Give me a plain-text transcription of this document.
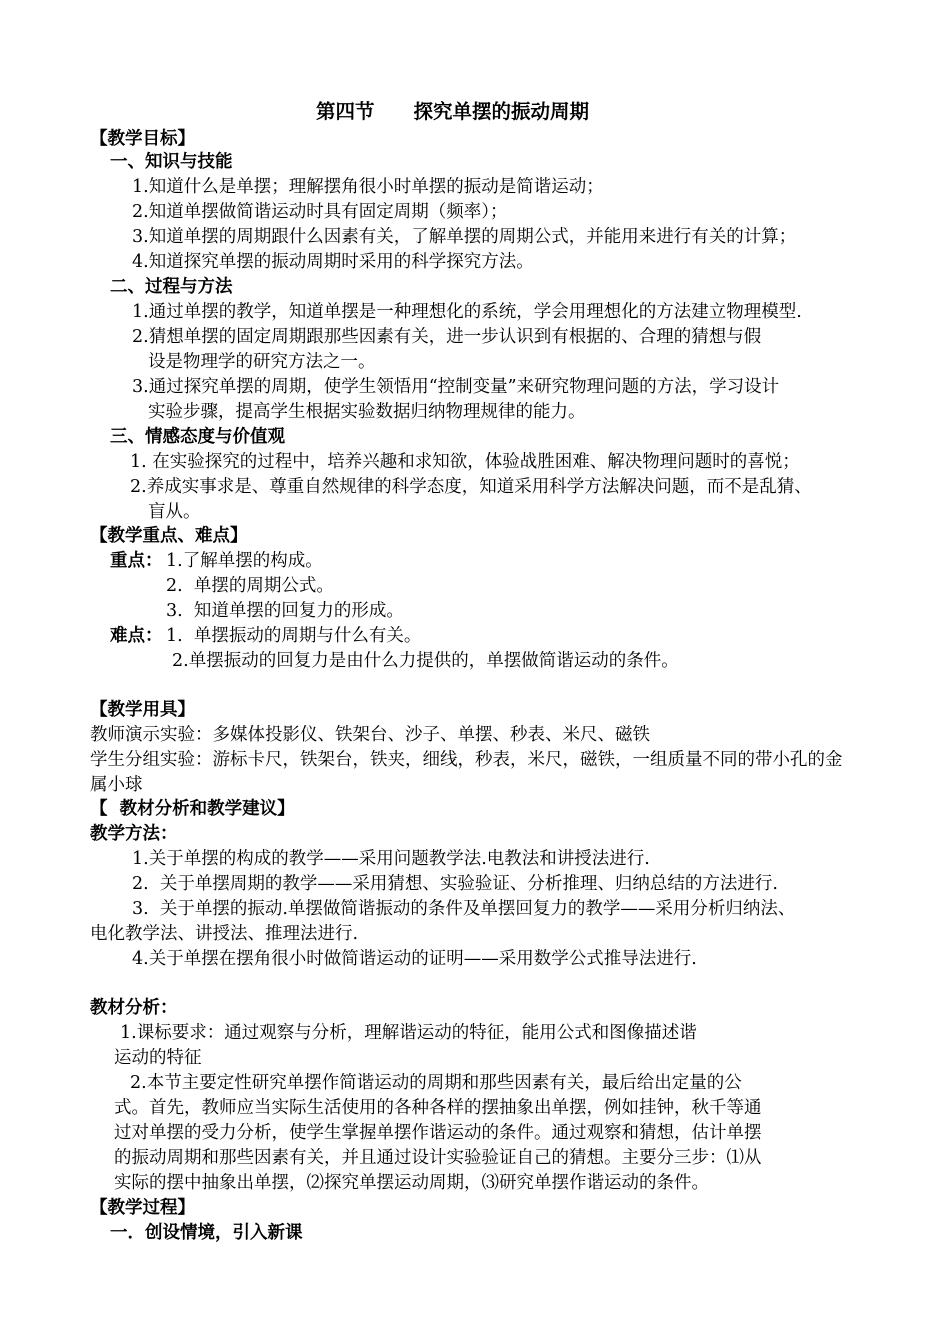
第四节　　探究单摆的振动周期
【教学目标】
一、知识与技能
1.知道什么是单摆；理解摆角很小时单摆的振动是简谐运动；
2.知道单摆做简谐运动时具有固定周期（频率）；
3.知道单摆的周期跟什么因素有关，了解单摆的周期公式，并能用来进行有关的计算；
4.知道探究单摆的振动周期时采用的科学探究方法。
二、过程与方法
1.通过单摆的教学，知道单摆是一种理想化的系统，学会用理想化的方法建立物理模型.
2.猜想单摆的固定周期跟那些因素有关，进一步认识到有根据的、合理的猜想与假
设是物理学的研究方法之一。
3.通过探究单摆的周期，使学生领悟用“控制变量”来研究物理问题的方法，学习设计
实验步骤，提高学生根据实验数据归纳物理规律的能力。
三、情感态度与价值观
1. 在实验探究的过程中，培养兴趣和求知欲，体验战胜困难、解决物理问题时的喜悦；
2.养成实事求是、尊重自然规律的科学态度，知道采用科学方法解决问题，而不是乱猜、
盲从。
【教学重点、难点】
重点： 1.了解单摆的构成。
2.  单摆的周期公式。
3.  知道单摆的回复力的形成。
难点： 1.  单摆振动的周期与什么有关。
2.单摆振动的回复力是由什么力提供的，单摆做简谐运动的条件。
【教学用具】
教师演示实验：多媒体投影仪、铁架台、沙子、单摆、秒表、米尺、磁铁
学生分组实验：游标卡尺，铁架台，铁夹，细线，秒表，米尺，磁铁，一组质量不同的带小孔的金
属小球
【  教材分析和教学建议】
教学方法：
1.关于单摆的构成的教学——采用问题教学法.电教法和讲授法进行.
2.  关于单摆周期的教学——采用猜想、实验验证、分析推理、归纳总结的方法进行.
3.  关于单摆的振动.单摆做简谐振动的条件及单摆回复力的教学——采用分析归纳法、
电化教学法、讲授法、推理法进行.
4.关于单摆在摆角很小时做简谐运动的证明——采用数学公式推导法进行.
教材分析：
1.课标要求：通过观察与分析，理解谐运动的特征，能用公式和图像描述谐
运动的特征
2.本节主要定性研究单摆作简谐运动的周期和那些因素有关，最后给出定量的公
式。首先，教师应当实际生活使用的各种各样的摆抽象出单摆，例如挂钟，秋千等通
过对单摆的受力分析，使学生掌握单摆作谐运动的条件。通过观察和猜想，估计单摆
的振动周期和那些因素有关，并且通过设计实验验证自己的猜想。主要分三步：⑴从
实际的摆中抽象出单摆，⑵探究单摆运动周期，⑶研究单摆作谐运动的条件。
【教学过程】
一．创设情境，引入新课
